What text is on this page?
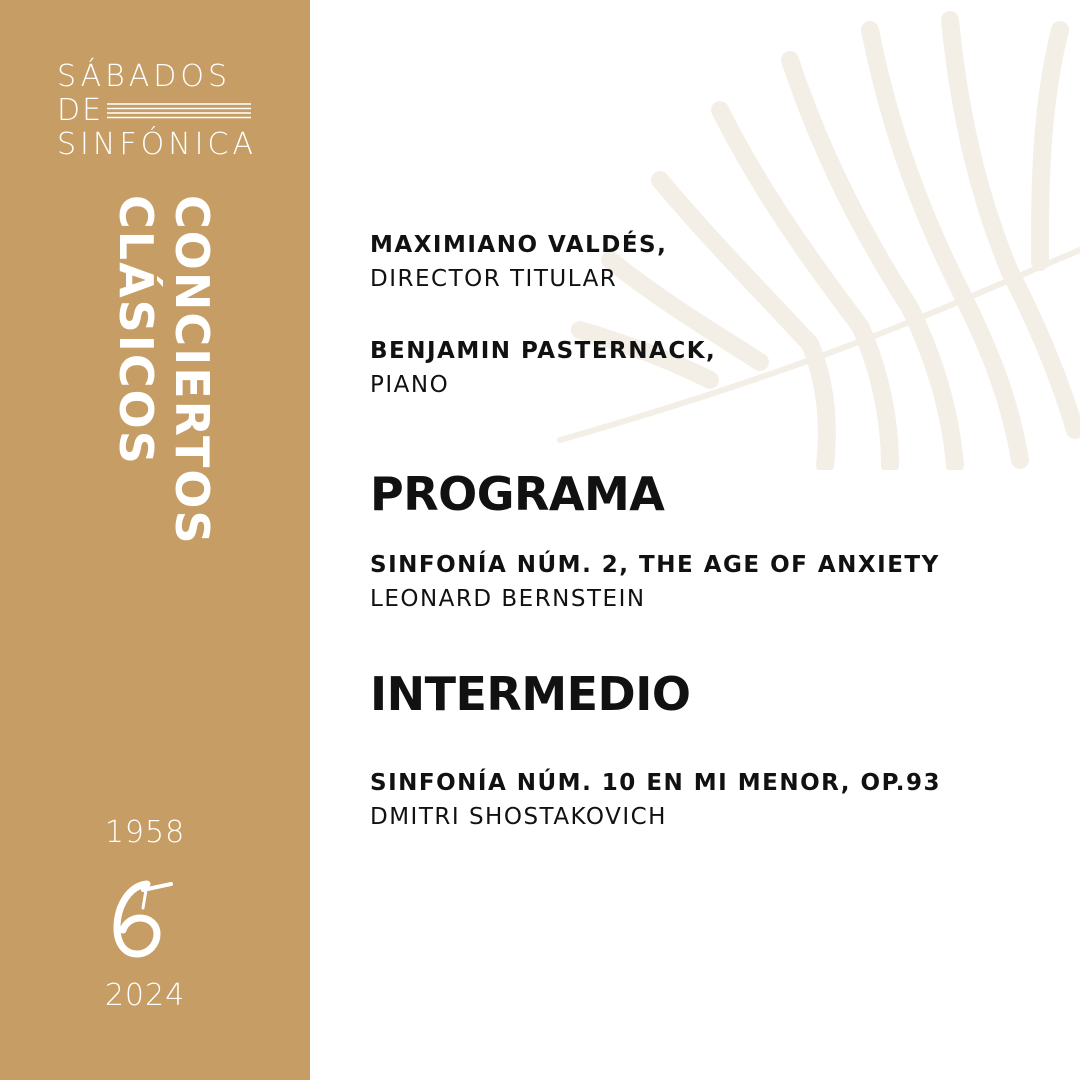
SÁBADOS
DE
SINFÓNICA
CONCIERTOS
CLÁSICOS
1958
2024
MAXIMIANO VALDÉS,
DIRECTOR TITULAR
BENJAMIN PASTERNACK,
PIANO
PROGRAMA
SINFONÍA NÚM. 2, THE AGE OF ANXIETY
LEONARD BERNSTEIN
INTERMEDIO
SINFONÍA NÚM. 10 EN MI MENOR, OP.93
DMITRI SHOSTAKOVICH
